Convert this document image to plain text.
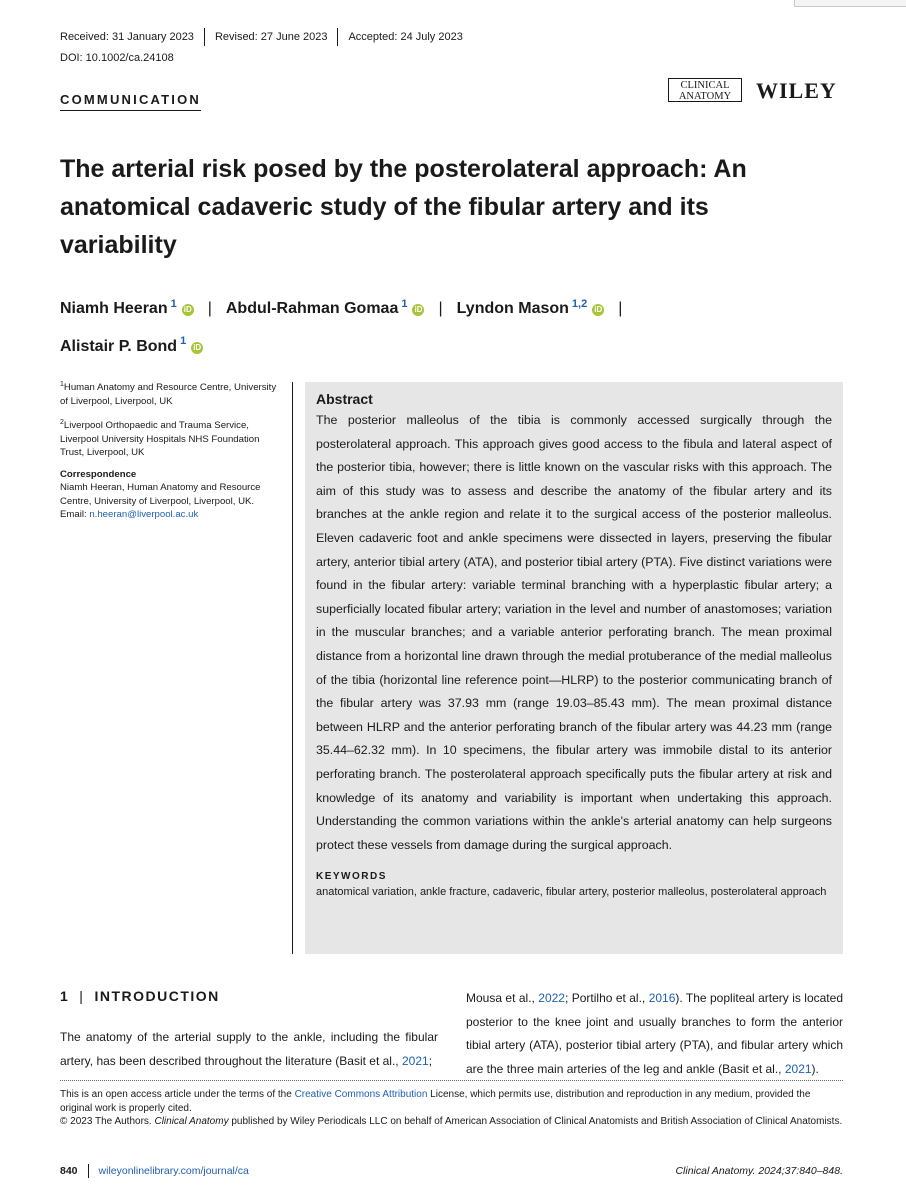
Received: 31 January 2023 Revised: 27 June 2023 Accepted: 24 July 2023
DOI: 10.1002/ca.24108
COMMUNICATION
CLINICAL
ANATOMY	WILEY
The arterial risk posed by the posterolateral approach: An anatomical cadaveric study of the fibular artery and its variability
Niamh Heeran $^1$ iD | Abdul-Rahman Gomaa $^1$ iD | Lyndon Mason $^{1,2}$ iD |
Alistair P. Bond $^1$ iD

$^1$Human Anatomy and Resource Centre, University of Liverpool, Liverpool, UK

$^2$Liverpool Orthopaedic and Trauma Service, Liverpool University Hospitals NHS Foundation Trust, Liverpool, UK

Correspondence

Niamh Heeran, Human Anatomy and Resource Centre, University of Liverpool, Liverpool, UK.
Email: n.heeran@liverpool.ac.uk

Abstract

The posterior malleolus of the tibia is commonly accessed surgically through the posterolateral approach. This approach gives good access to the fibula and lateral aspect of the posterior tibia, however; there is little known on the vascular risks with this approach. The aim of this study was to assess and describe the anatomy of the fibular artery and its branches at the ankle region and relate it to the surgical access of the posterior malleolus. Eleven cadaveric foot and ankle specimens were dissected in layers, preserving the fibular artery, anterior tibial artery (ATA), and posterior tibial artery (PTA). Five distinct variations were found in the fibular artery: variable terminal branching with a hyperplastic fibular artery; a superficially located fibular artery; variation in the level and number of anastomoses; variation in the muscular branches; and a variable anterior perforating branch. The mean proximal distance from a horizontal line drawn through the medial protuberance of the medial malleolus of the tibia (horizontal line reference point—HLRP) to the posterior communicating branch of the fibular artery was 37.93 mm (range 19.03–85.43 mm). The mean proximal distance between HLRP and the anterior perforating branch of the fibular artery was 44.23 mm (range 35.44–62.32 mm). In 10 specimens, the fibular artery was immobile distal to its anterior perforating branch. The posterolateral approach specifically puts the fibular artery at risk and knowledge of its anatomy and variability is important when undertaking this approach. Understanding the common variations within the ankle's arterial anatomy can help surgeons protect these vessels from damage during the surgical approach.

KEYWORDS
anatomical variation, ankle fracture, cadaveric, fibular artery, posterior malleolus, posterolateral approach
1 | INTRODUCTION

The anatomy of the arterial supply to the ankle, including the fibular artery, has been described throughout the literature (Basit et al., 2021;

Mousa et al., 2022; Portilho et al., 2016). The popliteal artery is located posterior to the knee joint and usually branches to form the anterior tibial artery (ATA), posterior tibial artery (PTA), and fibular artery which are the three main arteries of the leg and ankle (Basit et al., 2021).

This is an open access article under the terms of the Creative Commons Attribution License, which permits use, distribution and reproduction in any medium, provided the original work is properly cited.

© 2023 The Authors. Clinical Anatomy published by Wiley Periodicals LLC on behalf of American Association of Clinical Anatomists and British Association of Clinical Anatomists.

840 wileyonlinelibrary.com/journal/ca	Clinical Anatomy. 2024;37:840–848.
